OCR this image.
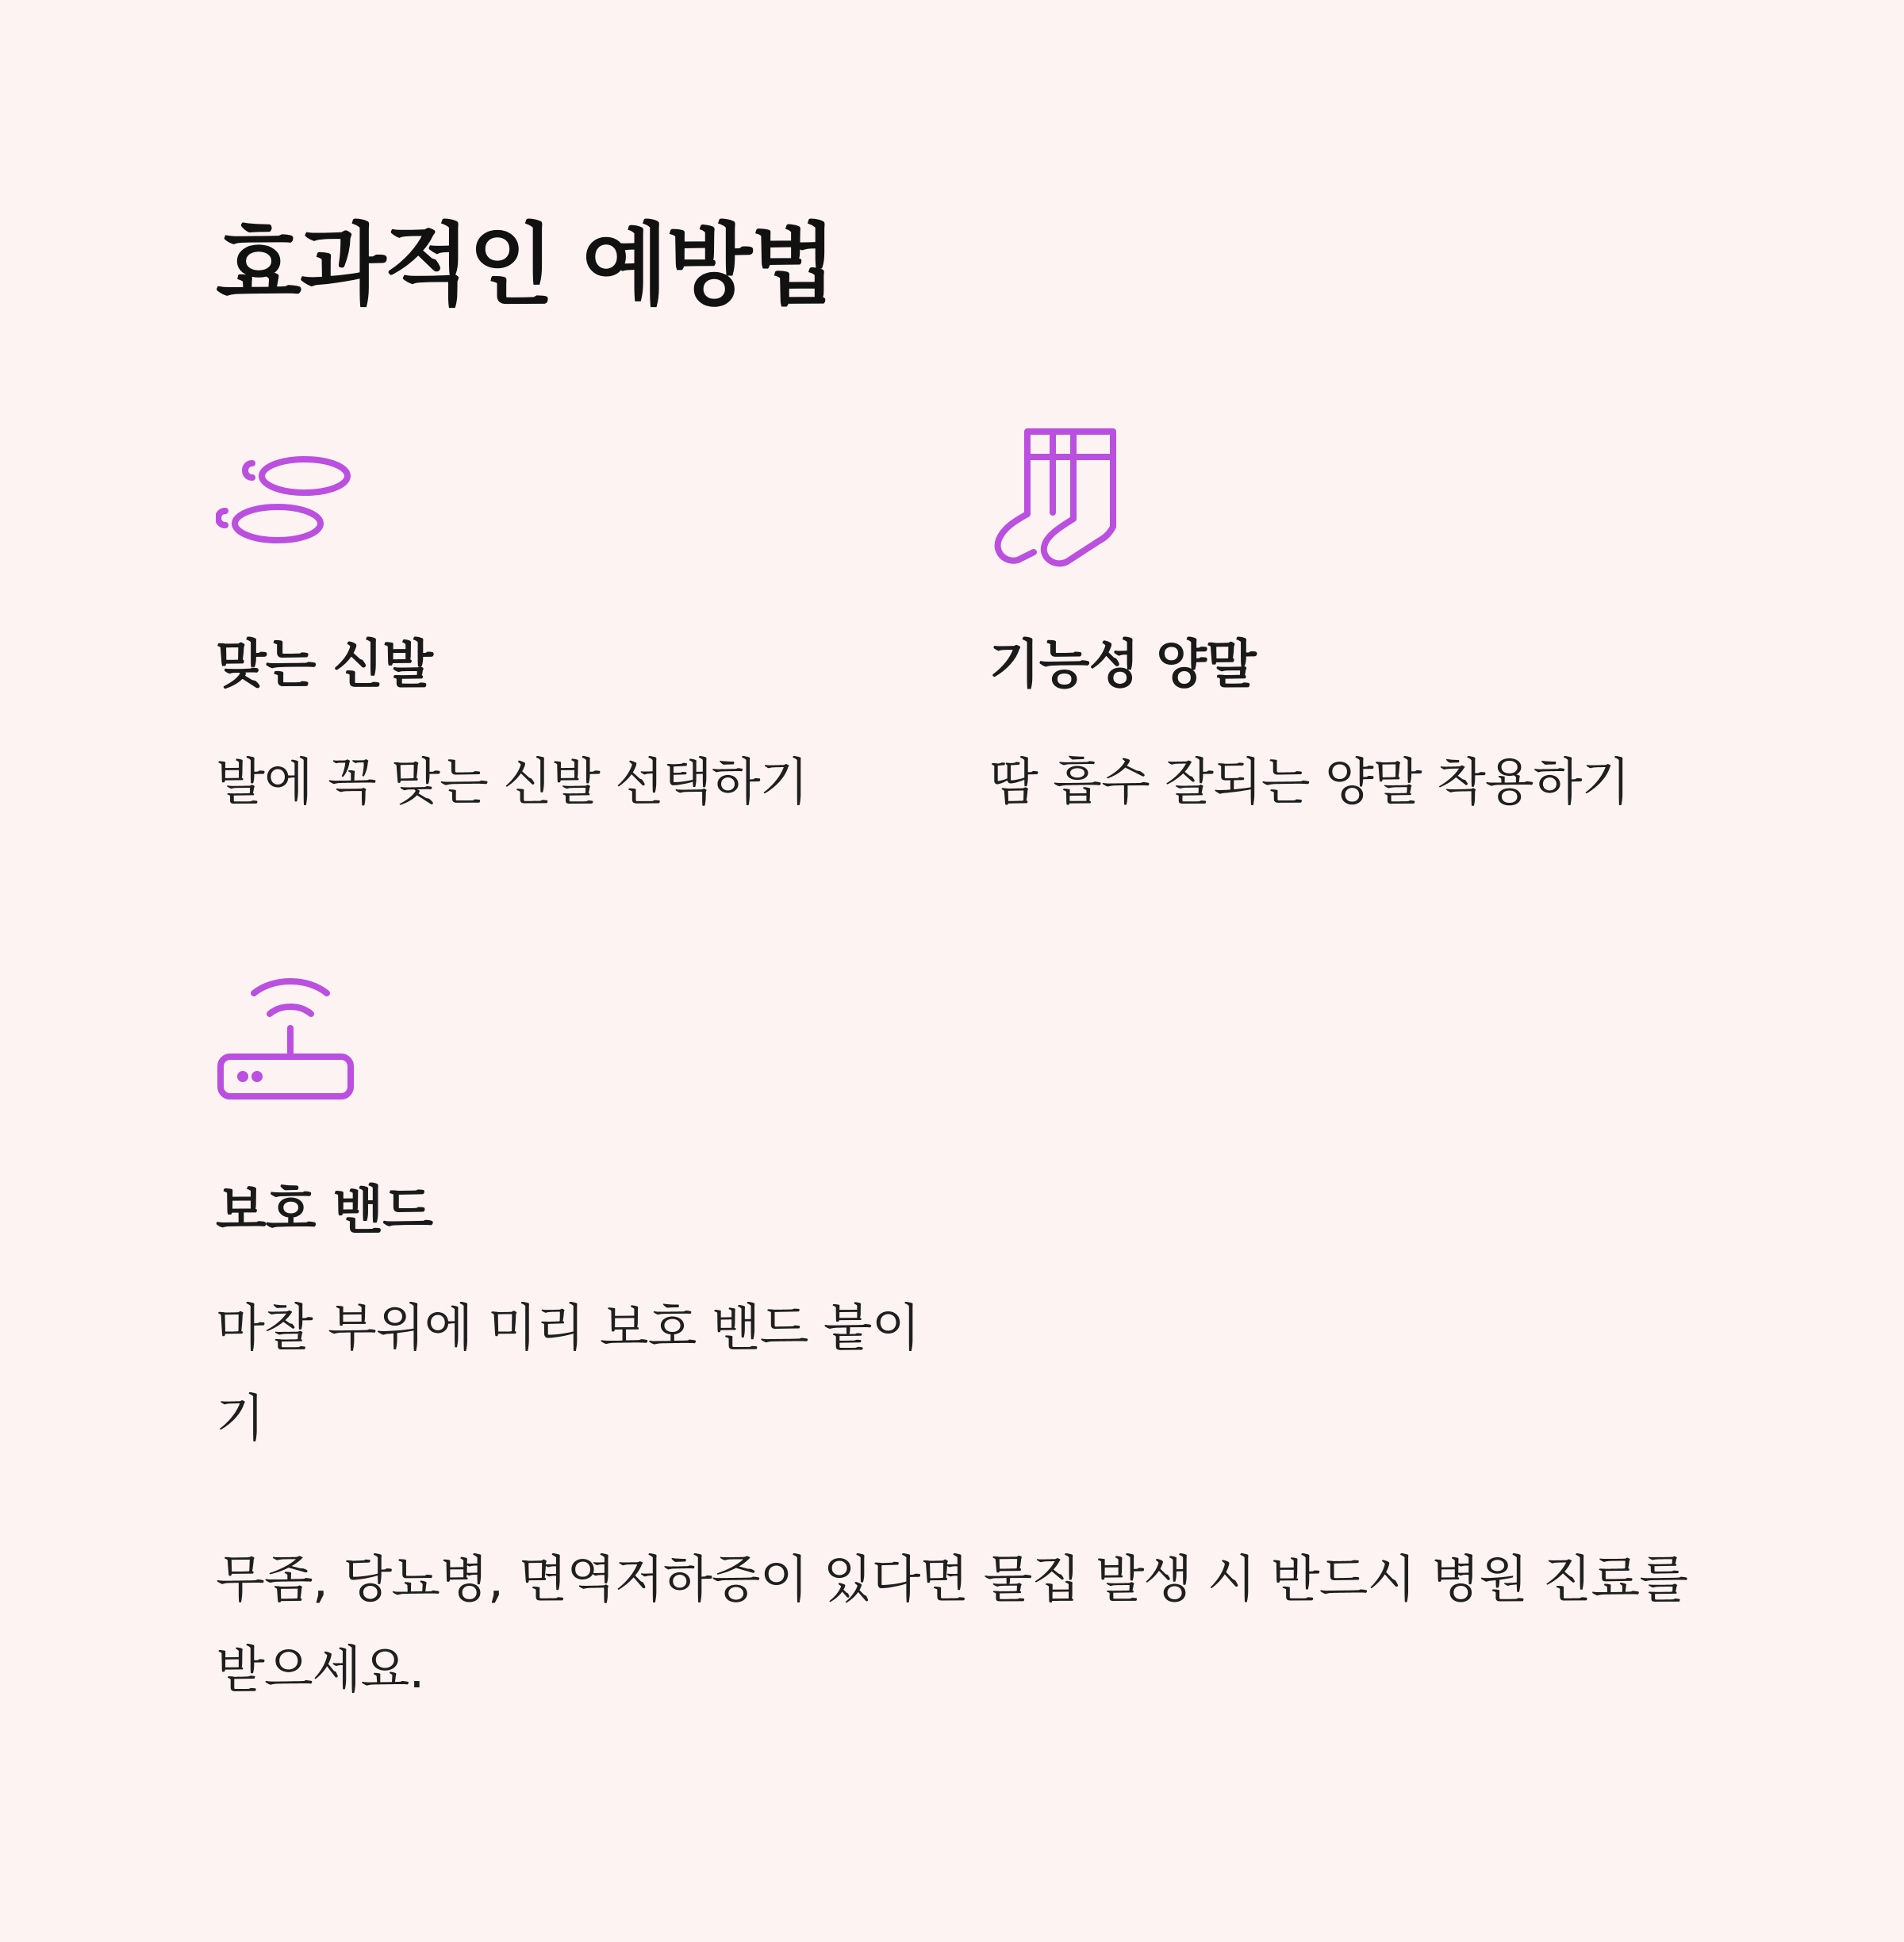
효과적인 예방법
맞는 신발

발에 꼭 맞는 신발 선택하기

기능성 양말

땀 흡수 잘되는 양말 착용하기

보호 밴드

마찰 부위에 미리 보호 밴드 붙이기

무좀, 당뇨병, 면역저하증이 있다면 물집 발생 시 반드시 병원 진료를 받으세요.
